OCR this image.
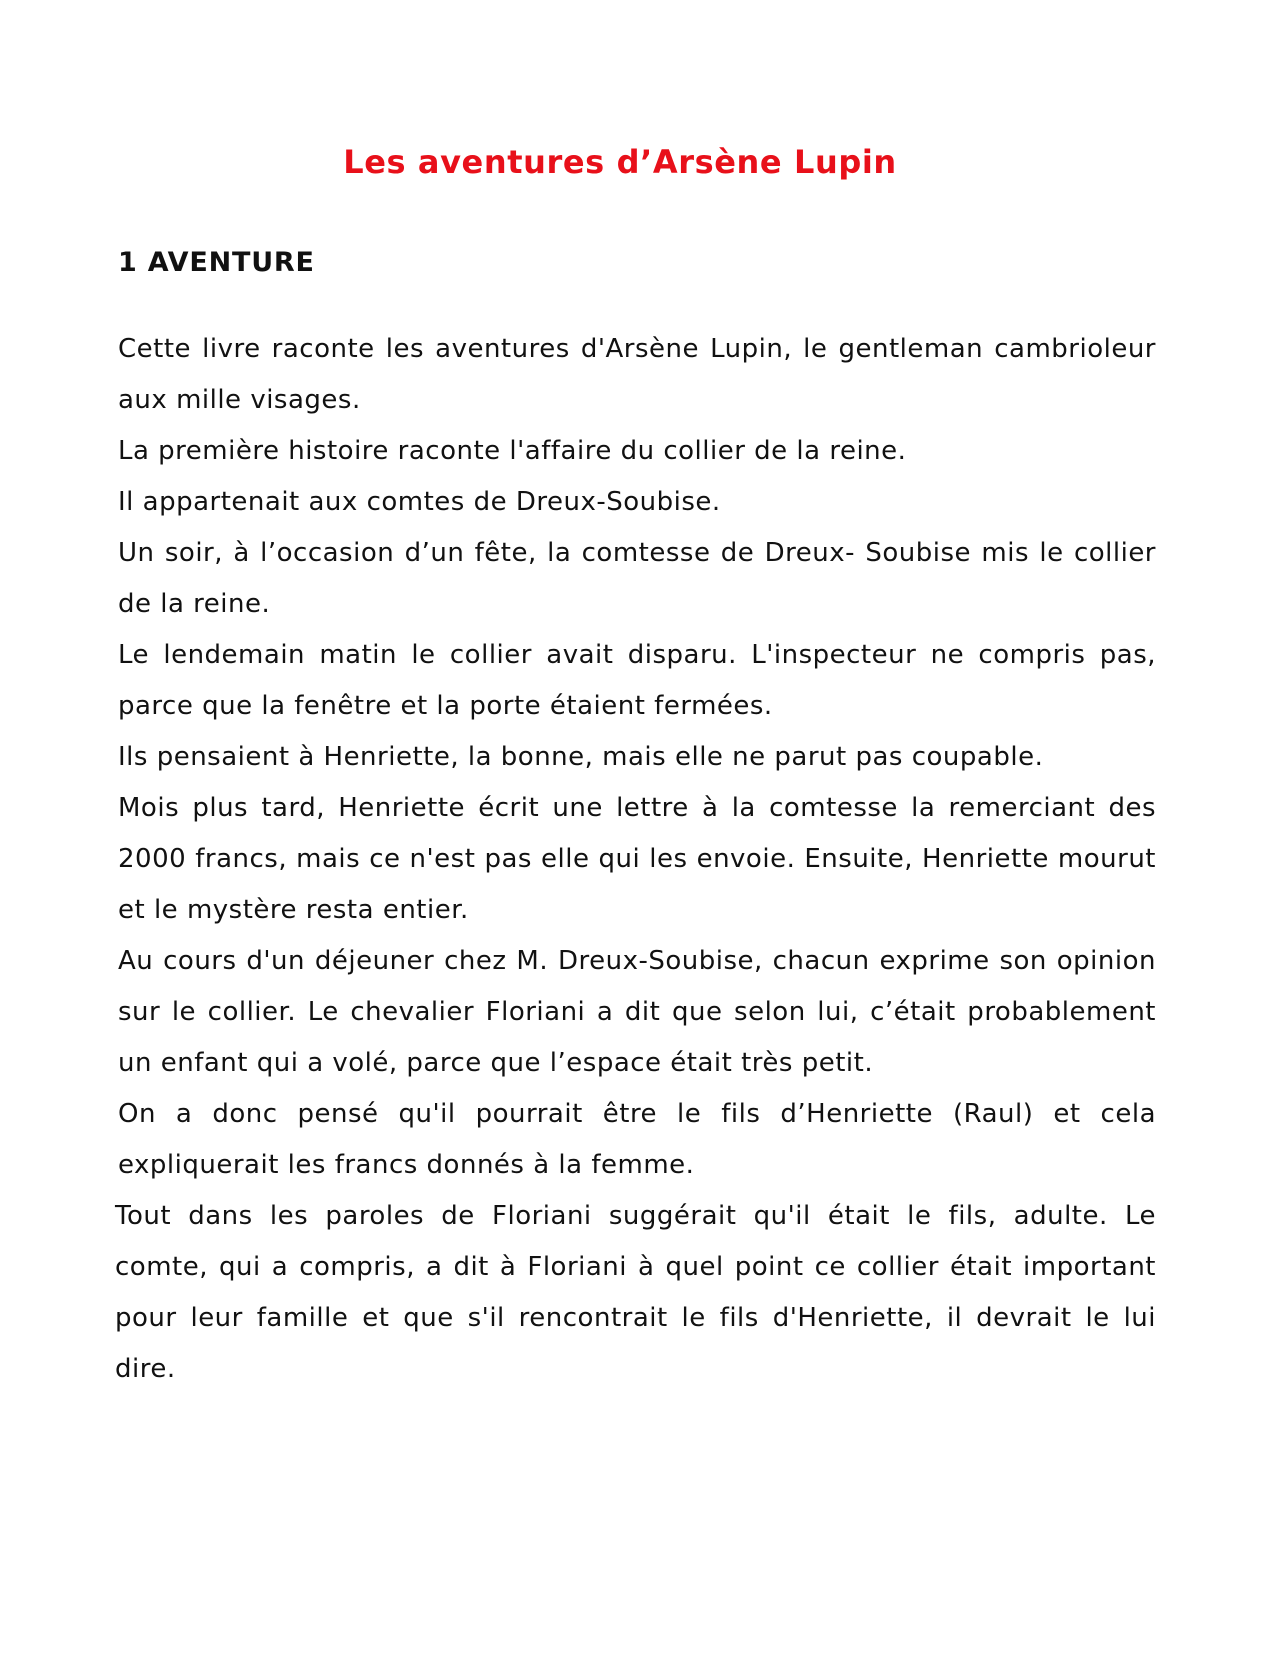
Les aventures d’Arsène Lupin
1 AVENTURE

Cette livre raconte les aventures d'Arsène Lupin, le gentleman cambrioleur aux mille visages.

La première histoire raconte l'affaire du collier de la reine.

Il appartenait aux comtes de Dreux-Soubise.

Un soir, à l’occasion d’un fête, la comtesse de Dreux- Soubise mis le collier de la reine.

Le lendemain matin le collier avait disparu. L'inspecteur ne compris pas, parce que la fenêtre et la porte étaient fermées.

Ils pensaient à Henriette, la bonne, mais elle ne parut pas coupable.

Mois plus tard, Henriette écrit une lettre à la comtesse la remerciant des 2000 francs, mais ce n'est pas elle qui les envoie. Ensuite, Henriette mourut et le mystère resta entier.

Au cours d'un déjeuner chez M. Dreux-Soubise, chacun exprime son opinion sur le collier. Le chevalier Floriani a dit que selon lui, c’était probablement un enfant qui a volé, parce que l’espace était très petit.

On a donc pensé qu'il pourrait être le fils d’Henriette (Raul) et cela expliquerait les francs donnés à la femme.

Tout dans les paroles de Floriani suggérait qu'il était le fils, adulte. Le comte, qui a compris, a dit à Floriani à quel point ce collier était important pour leur famille et que s'il rencontrait le fils d'Henriette, il devrait le lui dire.
